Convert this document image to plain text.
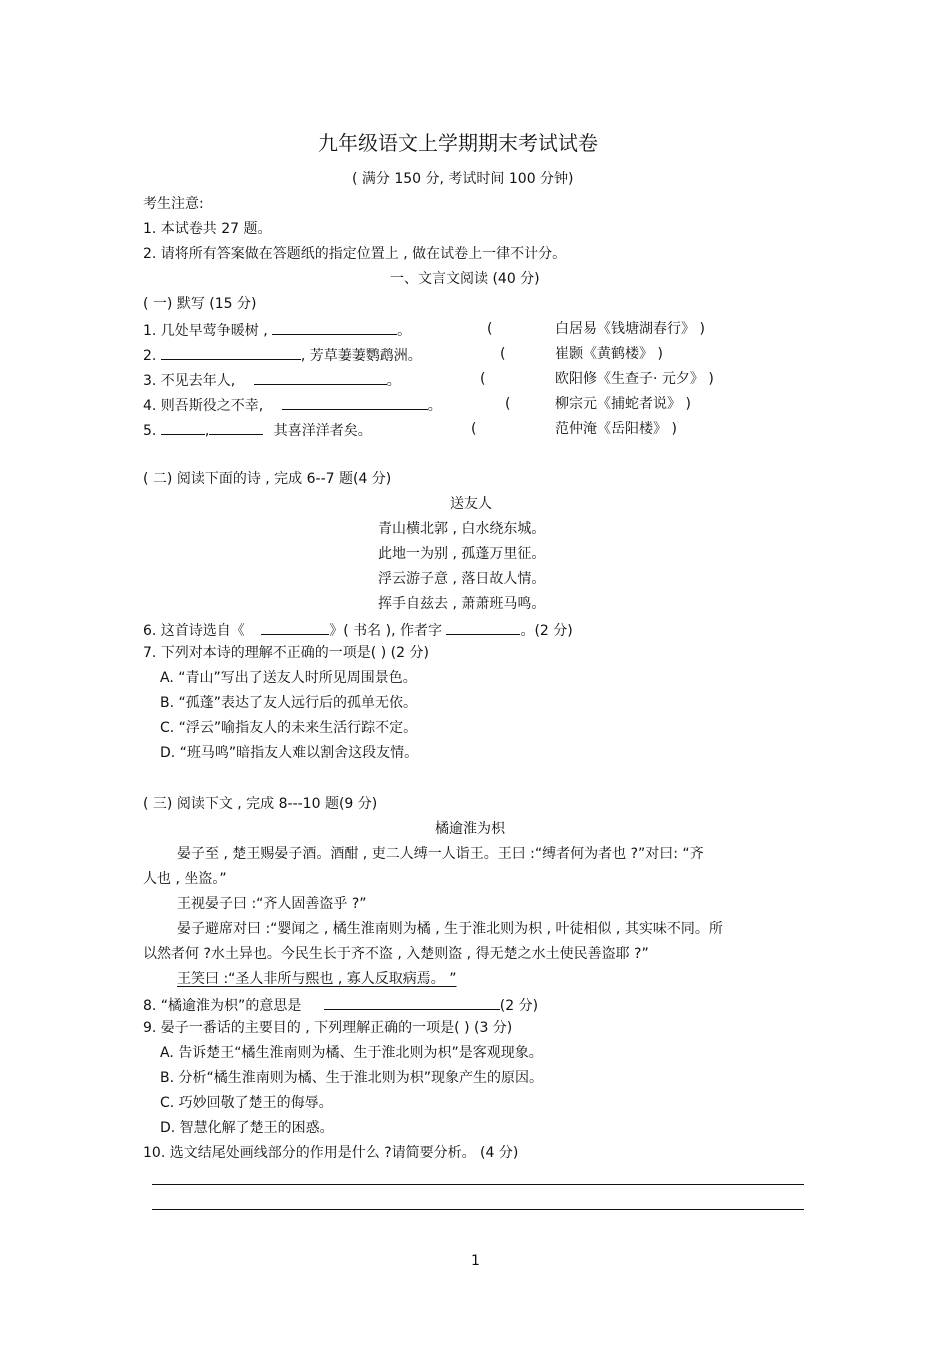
九年级语文上学期期末考试试卷
( 满分 150 分, 考试时间 100 分钟)
考生注意:
1. 本试卷共 27 题。
2. 请将所有答案做在答题纸的指定位置上 , 做在试卷上一律不计分。
一、文言文阅读 (40 分)
( 一) 默写 (15 分)
1. 几处早莺争暖树 ,	。	(	白居易《钱塘湖春行》 )
2.	, 芳草萋萋鹦鹉洲。	(	崔颢《黄鹤楼》 )
3. 不见去年人,	。	(	欧阳修《生查子· 元夕》 )
4. 则吾斯役之不幸,	。	(	柳宗元《捕蛇者说》 )
5.	,	其喜洋洋者矣。	(	范仲淹《岳阳楼》 )
( 二) 阅读下面的诗 , 完成 6--7 题(4 分)
送友人
青山横北郭 , 白水绕东城。
此地一为别 , 孤蓬万里征。
浮云游子意 , 落日故人情。
挥手自兹去 , 萧萧班马鸣。
6. 这首诗选自《	》( 书名 ), 作者字	。(2 分)
7. 下列对本诗的理解不正确的一项是( ) (2 分)
A. “青山”写出了送友人时所见周围景色。
B. “孤蓬”表达了友人远行后的孤单无依。
C. “浮云”喻指友人的未来生活行踪不定。
D. “班马鸣”暗指友人难以割舍这段友情。
( 三) 阅读下文 , 完成 8---10 题(9 分)
橘逾淮为枳
晏子至 , 楚王赐晏子酒。酒酣 , 吏二人缚一人诣王。王曰 :“缚者何为者也 ?”对曰: “齐
人也 , 坐盗。”
王视晏子曰 :“齐人固善盗乎 ?”
晏子避席对曰 :“婴闻之 , 橘生淮南则为橘 , 生于淮北则为枳 , 叶徒相似 , 其实味不同。所
以然者何 ?水土异也。今民生长于齐不盗 , 入楚则盗 , 得无楚之水土使民善盗耶 ?”
王笑曰 :“圣人非所与熙也 , 寡人反取病焉。 ”
8. “橘逾淮为枳”的意思是	(2 分)
9. 晏子一番话的主要目的 , 下列理解正确的一项是( ) (3 分)
A. 告诉楚王“橘生淮南则为橘、生于淮北则为枳”是客观现象。
B. 分析“橘生淮南则为橘、生于淮北则为枳”现象产生的原因。
C. 巧妙回敬了楚王的侮辱。
D. 智慧化解了楚王的困惑。
10. 选文结尾处画线部分的作用是什么 ?请简要分析。 (4 分)
1
